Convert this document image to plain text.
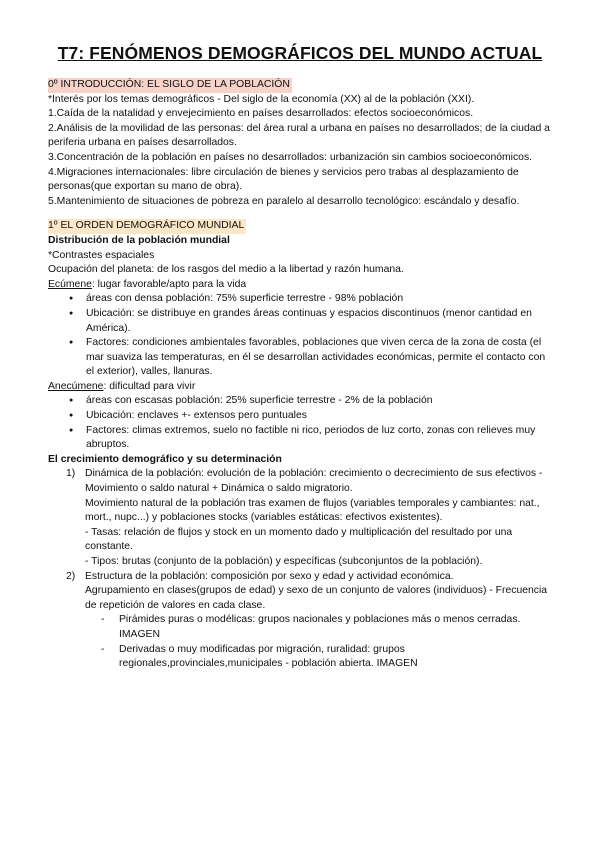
T7: FENÓMENOS DEMOGRÁFICOS DEL MUNDO ACTUAL
0º INTRODUCCIÓN: EL SIGLO DE LA POBLACIÓN

*Interés por los temas demográficos - Del siglo de la economía (XX) al de la población (XXI).

1.Caída de la natalidad y envejecimiento en países desarrollados: efectos socioeconómicos.

2.Análisis de la movilidad de las personas: del área rural a urbana en países no desarrollados; de la ciudad a periferia urbana en países desarrollados.

3.Concentración de la población en países no desarrollados: urbanización sin cambios socioeconómicos.

4.Migraciones internacionales: libre circulación de bienes y servicios pero trabas al desplazamiento de personas(que exportan su mano de obra).

5.Mantenimiento de situaciones de pobreza en paralelo al desarrollo tecnológico: escándalo y desafío.

1º EL ORDEN DEMOGRÁFICO MUNDIAL

Distribución de la población mundial

*Contrastes espaciales

Ocupación del planeta: de los rasgos del medio a la libertad y razón humana.

Ecúmene: lugar favorable/apto para la vida

● áreas con densa población: 75% superficie terrestre - 98% población
● Ubicación: se distribuye en grandes áreas continuas y espacios discontinuos (menor cantidad en América).
● Factores: condiciones ambientales favorables, poblaciones que viven cerca de la zona de costa (el mar suaviza las temperaturas, en él se desarrollan actividades económicas, permite el contacto con el exterior), valles, llanuras.

Anecúmene: dificultad para vivir

● áreas con escasas población: 25% superficie terrestre - 2% de la población
● Ubicación: enclaves +- extensos pero puntuales
● Factores: climas extremos, suelo no factible ni rico, periodos de luz corto, zonas con relieves muy abruptos.

El crecimiento demográfico y su determinación

1) Dinámica de la población: evolución de la población: crecimiento o decrecimiento de sus efectivos - Movimiento o saldo natural + Dinámica o saldo migratorio.

Movimiento natural de la población tras examen de flujos (variables temporales y cambiantes: nat., mort., nupc...) y poblaciones stocks (variables estáticas: efectivos existentes).

- Tasas: relación de flujos y stock en un momento dado y multiplicación del resultado por una constante.

- Tipos: brutas (conjunto de la población) y específicas (subconjuntos de la población).

2) Estructura de la población: composición por sexo y edad y actividad económica.

Agrupamiento en clases(grupos de edad) y sexo de un conjunto de valores (individuos) - Frecuencia de repetición de valores en cada clase.

- Pirámides puras o modélicas: grupos nacionales y poblaciones más o menos cerradas. IMAGEN
- Derivadas o muy modificadas por migración, ruralidad: grupos regionales,provinciales,municipales - población abierta. IMAGEN
